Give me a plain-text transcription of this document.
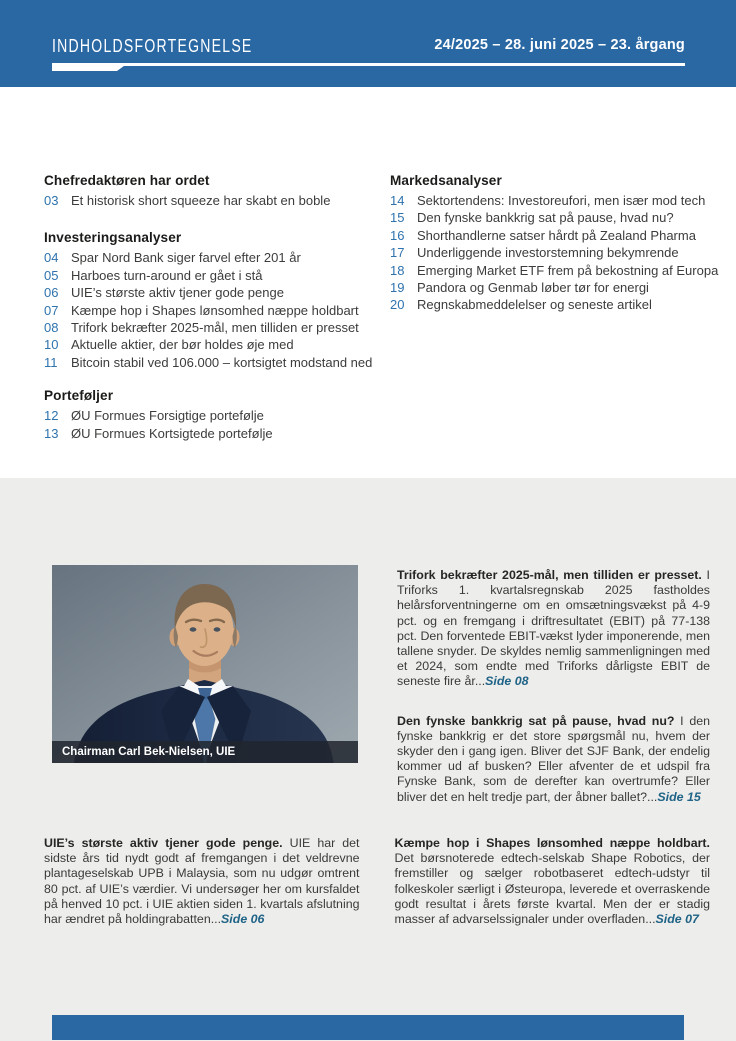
INDHOLDSFORTEGNELSE	24/2025 – 28. juni 2025 – 23. årgang
Chefredaktøren har ordet
03 Et historisk short squeeze har skabt en boble
Investeringsanalyser
04 Spar Nord Bank siger farvel efter 201 år
05 Harboes turn-around er gået i stå
06 UIE’s største aktiv tjener gode penge
07 Kæmpe hop i Shapes lønsomhed næppe holdbart
08 Trifork bekræfter 2025-mål, men tilliden er presset
10 Aktuelle aktier, der bør holdes øje med
11	Bitcoin stabil ved 106.000 – kortsigtet modstand ned
Porteføljer
12 ØU Formues Forsigtige portefølje
13 ØU Formues Kortsigtede portefølje
Markedsanalyser
14 Sektortendens: Investoreufori, men især mod tech
15 Den fynske bankkrig sat på pause, hvad nu?
16 Shorthandlerne satser hårdt på Zealand Pharma
17 Underliggende investorstemning bekymrende
18 Emerging Market ETF frem på bekostning af Europa
19 Pandora og Genmab løber tør for energi
20 Regnskabmeddelelser og seneste artikel
Chairman Carl Bek-Nielsen, UIE

Trifork bekræfter 2025-mål, men tilliden er presset. I Triforks 1. kvartalsregnskab 2025 fastholdes helårsforventningerne om en omsætningsvækst på 4-9 pct. og en fremgang i driftresultatet (EBIT) på 77-138 pct. Den forventede EBIT-vækst lyder imponerende, men tallene snyder. De skyldes nemlig sammenligningen med et 2024, som endte med Triforks dårligste EBIT de seneste fire år...Side 08

Den fynske bankkrig sat på pause, hvad nu? I den fynske bankkrig er det store spørgsmål nu, hvem der skyder den i gang igen. Bliver det SJF Bank, der endelig kommer ud af busken? Eller afventer de et udspil fra Fynske Bank, som de derefter kan overtrumfe? Eller bliver det en helt tredje part, der åbner ballet?...Side 15

UIE’s største aktiv tjener gode penge. UIE har det sidste års tid nydt godt af fremgangen i det veldrevne plantageselskab UPB i Malaysia, som nu udgør omtrent 80 pct. af UIE’s værdier. Vi undersøger her om kursfaldet på henved 10 pct. i UIE aktien siden 1. kvartals afslutning har ændret på holdingrabatten...Side 06

Kæmpe hop i Shapes lønsomhed næppe holdbart. Det børsnoterede edtech-selskab Shape Robotics, der fremstiller og sælger robotbaseret edtech-udstyr til folkeskoler særligt i Østeuropa, leverede et overraskende godt resultat i årets første kvartal. Men der er stadig masser af advarselssignaler under overfladen...Side 07
